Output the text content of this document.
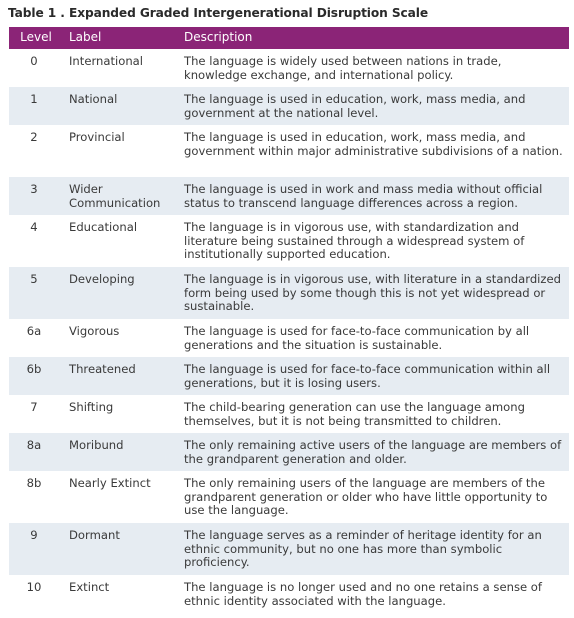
Table 1 . Expanded Graded Intergenerational Disruption Scale
Level	Label	Description
0	International	The language is widely used between nations in trade, knowledge exchange, and international policy.
1	National	The language is used in education, work, mass media, and government at the national level.
2	Provincial	The language is used in education, work, mass media, and government within major administrative subdivisions of a nation.
3	Wider Communication	The language is used in work and mass media without official status to transcend language differences across a region.
4	Educational	The language is in vigorous use, with standardization and literature being sustained through a widespread system of institutionally supported education.
5	Developing	The language is in vigorous use, with literature in a standardized form being used by some though this is not yet widespread or sustainable.
6a	Vigorous	The language is used for face-to-face communication by all generations and the situation is sustainable.
6b	Threatened	The language is used for face-to-face communication within all generations, but it is losing users.
7	Shifting	The child-bearing generation can use the language among themselves, but it is not being transmitted to children.
8a	Moribund	The only remaining active users of the language are members of the grandparent generation and older.
8b	Nearly Extinct	The only remaining users of the language are members of the grandparent generation or older who have little opportunity to use the language.
9	Dormant	The language serves as a reminder of heritage identity for an ethnic community, but no one has more than symbolic proficiency.
10	Extinct	The language is no longer used and no one retains a sense of ethnic identity associated with the language.
